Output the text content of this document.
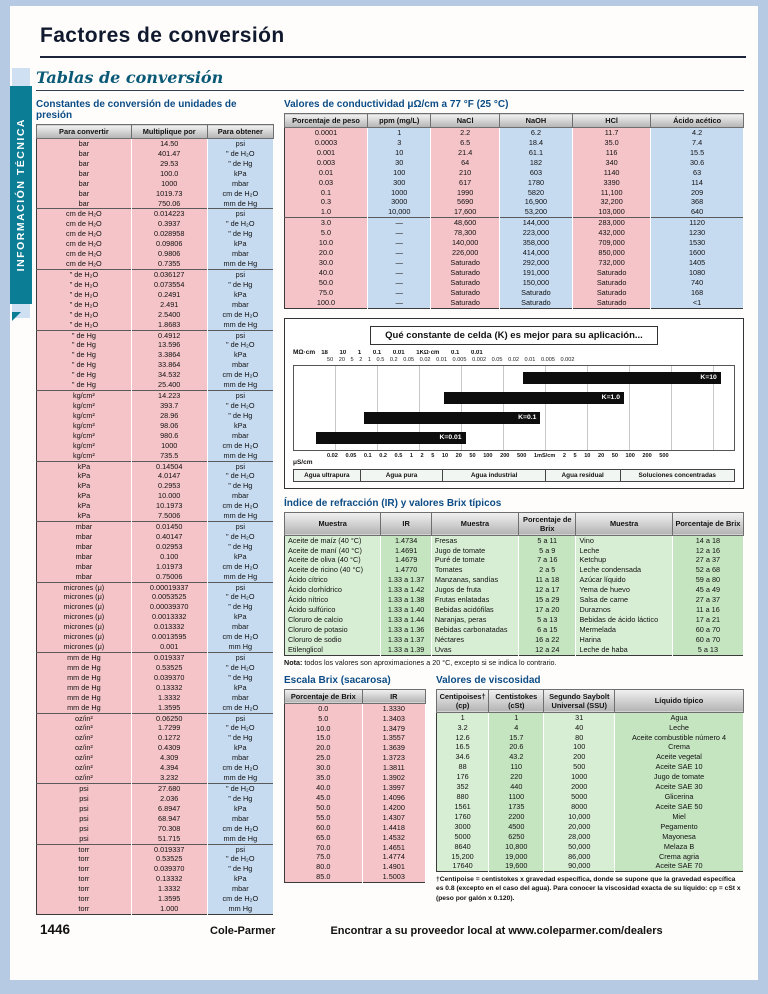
Factores de conversión
INFORMACIÓN TÉCNICA
Tablas de conversión
Constantes de conversión de unidades de presión
Para convertir	Multiplique por	Para obtener
bar	14.50	psi
bar	401.47	" de H₂O
bar	29.53	" de Hg
bar	100.0	kPa
bar	1000	mbar
bar	1019.73	cm de H₂O
bar	750.06	mm de Hg
cm de H₂O	0.014223	psi
cm de H₂O	0.3937	" de H₂O
cm de H₂O	0.028958	" de Hg
cm de H₂O	0.09806	kPa
cm de H₂O	0.9806	mbar
cm de H₂O	0.7355	mm de Hg
" de H₂O	0.036127	psi
" de H₂O	0.073554	" de Hg
" de H₂O	0.2491	kPa
" de H₂O	2.491	mbar
" de H₂O	2.5400	cm de H₂O
" de H₂O	1.8683	mm de Hg
" de Hg	0.4912	psi
" de Hg	13.596	" de H₂O
" de Hg	3.3864	kPa
" de Hg	33.864	mbar
" de Hg	34.532	cm de H₂O
" de Hg	25.400	mm de Hg
kg/cm²	14.223	psi
kg/cm²	393.7	" de H₂O
kg/cm²	28.96	" de Hg
kg/cm²	98.06	kPa
kg/cm²	980.6	mbar
kg/cm²	1000	cm de H₂O
kg/cm²	735.5	mm de Hg
kPa	0.14504	psi
kPa	4.0147	" de H₂O
kPa	0.2953	" de Hg
kPa	10.000	mbar
kPa	10.1973	cm de H₂O
kPa	7.5006	mm de Hg
mbar	0.01450	psi
mbar	0.40147	" de H₂O
mbar	0.02953	" de Hg
mbar	0.100	kPa
mbar	1.01973	cm de H₂O
mbar	0.75006	mm de Hg
micrones (μ)	0.00019337	psi
micrones (μ)	0.0053525	" de H₂O
micrones (μ)	0.00039370	" de Hg
micrones (μ)	0.0013332	kPa
micrones (μ)	0.013332	mbar
micrones (μ)	0.0013595	cm de H₂O
micrones (μ)	0.001	mm Hg
mm de Hg	0.019337	psi
mm de Hg	0.53525	" de H₂O
mm de Hg	0.039370	" de Hg
mm de Hg	0.13332	kPa
mm de Hg	1.3332	mbar
mm de Hg	1.3595	cm de H₂O
oz/in²	0.06250	psi
oz/in²	1.7299	" de H₂O
oz/in²	0.1272	" de Hg
oz/in²	0.4309	kPa
oz/in²	4.309	mbar
oz/in²	4.394	cm de H₂O
oz/in²	3.232	mm de Hg
psi	27.680	" de H₂O
psi	2.036	" de Hg
psi	6.8947	kPa
psi	68.947	mbar
psi	70.308	cm de H₂O
psi	51.715	mm de Hg
torr	0.019337	psi
torr	0.53525	" de H₂O
torr	0.039370	" de Hg
torr	0.13332	kPa
torr	1.3332	mbar
torr	1.3595	cm de H₂O
torr	1.000	mm Hg
Valores de conductividad μΩ/cm a 77 °F (25 °C)
Porcentaje de peso	ppm (mg/L)	NaCl	NaOH	HCl	Ácido acético
0.0001	1	2.2	6.2	11.7	4.2
0.0003	3	6.5	18.4	35.0	7.4
0.001	10	21.4	61.1	116	15.5
0.003	30	64	182	340	30.6
0.01	100	210	603	1140	63
0.03	300	617	1780	3390	114
0.1	1000	1990	5820	11,100	209
0.3	3000	5690	16,900	32,200	368
1.0	10,000	17,600	53,200	103,000	640
3.0	—	48,600	144,000	283,000	1120
5.0	—	78,300	223,000	432,000	1230
10.0	—	140,000	358,000	709,000	1530
20.0	—	226,000	414,000	850,000	1600
30.0	—	Saturado	292,000	732,000	1405
40.0	—	Saturado	191,000	Saturado	1080
50.0	—	Saturado	150,000	Saturado	740
75.0	—	Saturado	Saturado	Saturado	168
100.0	—	Saturado	Saturado	Saturado	<1
Qué constante de celda (K) es mejor para su aplicación...
MΩ·cm 18 10 1 0.1 0.01 1KΩ·cm 0.1 0.01
50 20 5 2 1 0.5 0.2 0.05 0.02 0.01 0.005 0.002 0.05 0.02 0.01 0.005 0.002
K=10
K=1.0
K=0.1
K=0.01
0.02 0.05 0.1 0.2 0.5 1 2 5 10 20 50 100 200 500 1mS/cm 2 5 10 20 50 100 200 500
μS/cm
Agua ultrapura	Agua pura	Agua industrial	Agua residual	Soluciones concentradas
Índice de refracción (IR) y valores Brix típicos
Muestra	IR	Muestra	Porcentaje de Brix	Muestra	Porcentaje de Brix
Aceite de maíz (40 °C)	1.4734	Fresas	5 a 11	Vino	14 a 18
Aceite de maní (40 °C)	1.4691	Jugo de tomate	5 a 9	Leche	12 a 16
Aceite de oliva (40 °C)	1.4679	Puré de tomate	7 a 16	Ketchup	27 a 37
Aceite de ricino (40 °C)	1.4770	Tomates	2 a 5	Leche condensada	52 a 68
Ácido cítrico	1.33 a 1.37	Manzanas, sandías	11 a 18	Azúcar líquido	59 a 80
Ácido clorhídrico	1.33 a 1.42	Jugos de fruta	12 a 17	Yema de huevo	45 a 49
Ácido nítrico	1.33 a 1.38	Frutas enlatadas	15 a 29	Salsa de carne	27 a 37
Ácido sulfúrico	1.33 a 1.40	Bebidas acidófilas	17 a 20	Duraznos	11 a 16
Cloruro de calcio	1.33 a 1.44	Naranjas, peras	5 a 13	Bebidas de ácido láctico	17 a 21
Cloruro de potasio	1.33 a 1.36	Bebidas carbonatadas	6 a 15	Mermelada	60 a 70
Cloruro de sodio	1.33 a 1.37	Néctares	16 a 22	Harina	60 a 70
Etilenglicol	1.33 a 1.39	Uvas	12 a 24	Leche de haba	5 a 13
Nota: todos los valores son aproximaciones a 20 °C, excepto si se indica lo contrario.
Escala Brix (sacarosa)
Porcentaje de Brix	IR
0.0	1.3330
5.0	1.3403
10.0	1.3479
15.0	1.3557
20.0	1.3639
25.0	1.3723
30.0	1.3811
35.0	1.3902
40.0	1.3997
45.0	1.4096
50.0	1.4200
55.0	1.4307
60.0	1.4418
65.0	1.4532
70.0	1.4651
75.0	1.4774
80.0	1.4901
85.0	1.5003
Valores de viscosidad
Centipoises† (cp)	Centistokes (cSt)	Segundo Saybolt Universal (SSU)	Líquido típico
1	1	31	Agua
3.2	4	40	Leche
12.6	15.7	80	Aceite combustible número 4
16.5	20.6	100	Crema
34.6	43.2	200	Aceite vegetal
88	110	500	Aceite SAE 10
176	220	1000	Jugo de tomate
352	440	2000	Aceite SAE 30
880	1100	5000	Glicerina
1561	1735	8000	Aceite SAE 50
1760	2200	10,000	Miel
3000	4500	20,000	Pegamento
5000	6250	28,000	Mayonesa
8640	10,800	50,000	Melaza B
15,200	19,000	86,000	Crema agria
17640	19,600	90,000	Aceite SAE 70

†Centipoise = centistokes x gravedad específica, donde se supone que la gravedad específica es 0.8 (excepto en el caso del agua). Para conocer la viscosidad exacta de su líquido: cp = cSt x (peso por galón x 0.120).

1446	Cole-Parmer	Encontrar a su proveedor local at www.coleparmer.com/dealers
